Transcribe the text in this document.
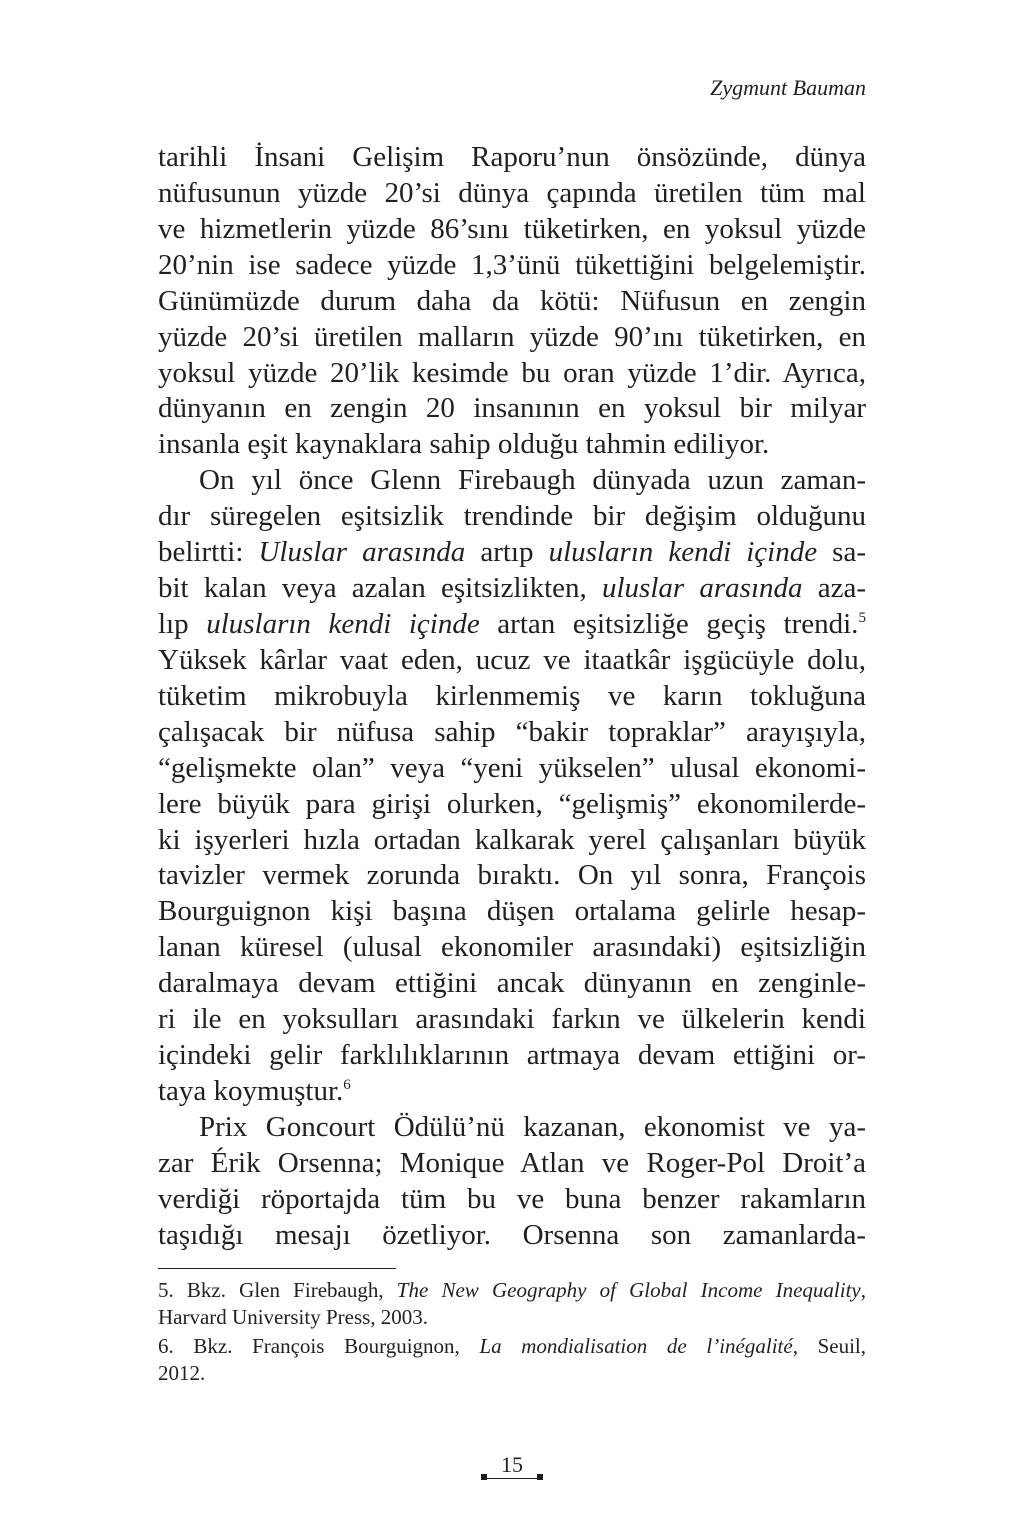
Zygmunt Bauman
tarihli İnsani Gelişim Raporu’nun önsözünde, dünya
nüfusunun yüzde 20’si dünya çapında üretilen tüm mal
ve hizmetlerin yüzde 86’sını tüketirken, en yoksul yüzde
20’nin ise sadece yüzde 1,3’ünü tükettiğini belgelemiştir.
Günümüzde durum daha da kötü: Nüfusun en zengin
yüzde 20’si üretilen malların yüzde 90’ını tüketirken, en
yoksul yüzde 20’lik kesimde bu oran yüzde 1’dir. Ayrıca,
dünyanın en zengin 20 insanının en yoksul bir milyar
insanla eşit kaynaklara sahip olduğu tahmin ediliyor.
On yıl önce Glenn Firebaugh dünyada uzun zaman-
dır süregelen eşitsizlik trendinde bir değişim olduğunu
belirtti: Uluslar arasında artıp ulusların kendi içinde sa-
bit kalan veya azalan eşitsizlikten, uluslar arasında aza-
lıp ulusların kendi içinde artan eşitsizliğe geçiş trendi.$^5$
Yüksek kârlar vaat eden, ucuz ve itaatkâr işgücüyle dolu,
tüketim mikrobuyla kirlenmemiş ve karın tokluğuna
çalışacak bir nüfusa sahip “bakir topraklar” arayışıyla,
“gelişmekte olan” veya “yeni yükselen” ulusal ekonomi-
lere büyük para girişi olurken, “gelişmiş” ekonomilerde-
ki işyerleri hızla ortadan kalkarak yerel çalışanları büyük
tavizler vermek zorunda bıraktı. On yıl sonra, François
Bourguignon kişi başına düşen ortalama gelirle hesap-
lanan küresel (ulusal ekonomiler arasındaki) eşitsizliğin
daralmaya devam ettiğini ancak dünyanın en zenginle-
ri ile en yoksulları arasındaki farkın ve ülkelerin kendi
içindeki gelir farklılıklarının artmaya devam ettiğini or-
taya koymuştur.$^6$
Prix Goncourt Ödülü’nü kazanan, ekonomist ve ya-
zar Érik Orsenna; Monique Atlan ve Roger-Pol Droit’a
verdiği röportajda tüm bu ve buna benzer rakamların
taşıdığı mesajı özetliyor. Orsenna son zamanlarda-
5. Bkz. Glen Firebaugh, The New Geography of Global Income Inequality,
Harvard University Press, 2003.
6. Bkz. François Bourguignon, La mondialisation de l’inégalité, Seuil,
2012.
15
